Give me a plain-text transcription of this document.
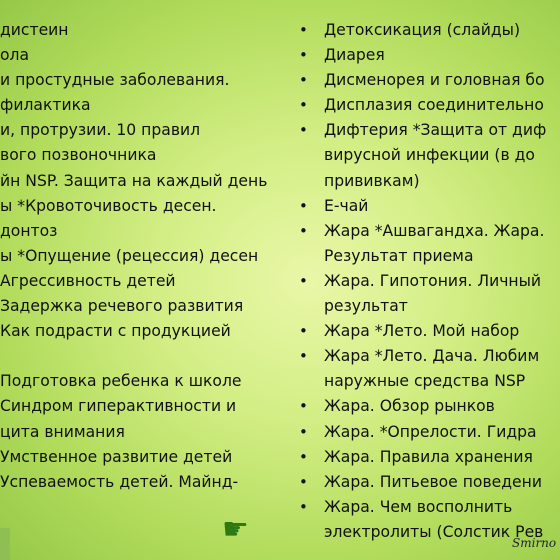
дистеин
ола
и простудные заболевания.
филактика
и, протрузии. 10 правил
вого позвоночника
йн NSP. Защита на каждый день
ы *Кровоточивость десен.
донтоз
ы *Опущение (рецессия) десен
Агрессивность детей
Задержка речевого развития
Как подрасти с продукцией
Подготовка ребенка к школе
Синдром гиперактивности и
цита внимания
Умственное развитие детей
Успеваемость детей. Майнд-
• Детоксикация (слайды)
• Диарея
• Дисменорея и головная бо
• Дисплазия соединительно
• Дифтерия *Защита от диф
вирусной инфекции (в до
прививкам)
• Е-чай
• Жара *Ашвагандха. Жара.
Результат приема
• Жара. Гипотония. Личный
результат
• Жара *Лето. Мой набор
• Жара *Лето. Дача. Любим
наружные средства NSP
• Жара. Обзор рынков
• Жара. *Опрелости. Гидра
• Жара. Правила хранения
• Жара. Питьевое поведени
• Жара. Чем восполнить
электролиты (Солстик Рев
☛	Smirno
